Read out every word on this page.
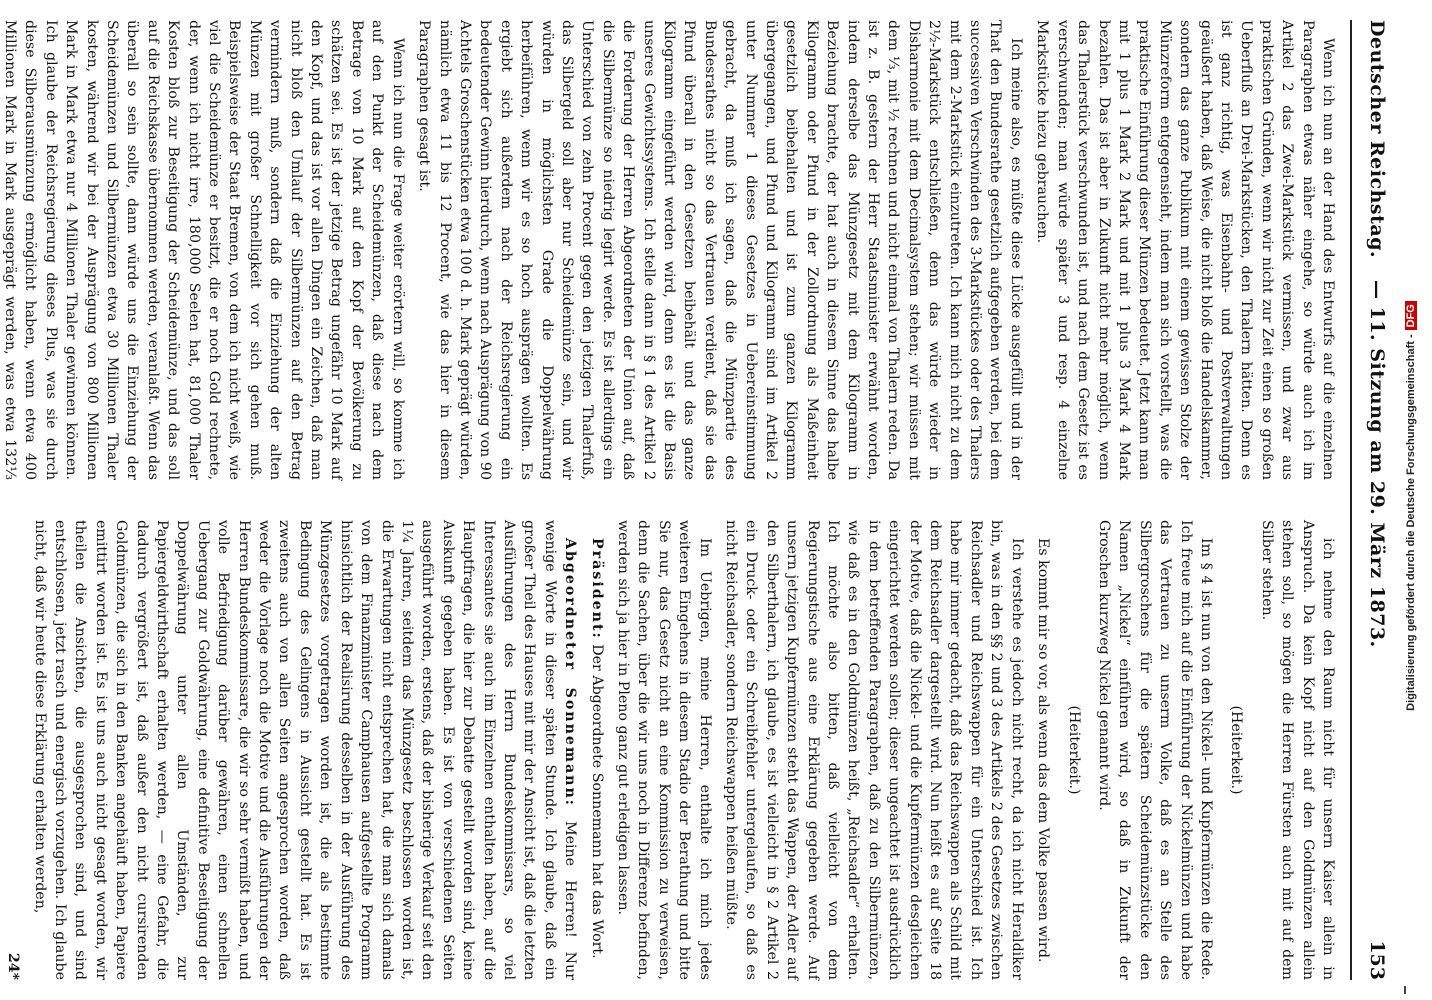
Deutscher Reichstag.
— 11. Sitzung am 29. März 1873.
153

Wenn ich nun an der Hand des Entwurfs auf die einzelnen Paragraphen etwas näher eingehe, so würde auch ich im Artikel 2 das Zwei-Markstück vermissen, und zwar aus praktischen Gründen, wenn wir nicht zur Zeit einen so großen Ueberfluß an Drei-Markstücken, den Thalern hätten. Denn es ist ganz richtig, was Eisenbahn- und Postverwaltungen geäußert haben, daß Weise, die nicht bloß die Handelskammer, sondern das ganze Publikum mit einem gewissen Stolze der Münzreform entgegensieht, indem man sich vorstellt, was die praktische Einführung dieser Münzen bedeutet. Jetzt kann man mit 1 plus 1 Mark 2 Mark und mit 1 plus 3 Mark 4 Mark bezahlen. Das ist aber in Zukunft nicht mehr möglich, wenn das Thalerstück verschwunden ist, und nach dem Gesetz ist es verschwunden; man würde später 3 und resp. 4 einzelne Markstücke hiezu gebrauchen.

Ich meine also, es müßte diese Lücke ausgefüllt und in der That den Bundesrathe gesetzlich aufgegeben werden, bei dem successiven Verschwinden des 3-Markstückes oder des Thalers mit dem 2-Markstück einzutreten. Ich kann mich nicht zu dem 2½-Markstück entschließen, denn das würde wieder in Disharmonie mit dem Decimalsystem stehen; wir müssen mit dem ⅓, mit ½ rechnen und nicht einmal von Thalern reden. Da ist z. B. gestern der Herr Staatsminister erwähnt worden, indem derselbe das Münzgesetz mit dem Kilogramm in Beziehung brachte, der hat auch in diesem Sinne das halbe Kilogramm oder Pfund in der Zollordnung als Maßeinheit gesetzlich beibehalten und ist zum ganzen Kilogramm übergegangen, und Pfund und Kilogramm sind im Artikel 2 unter Nummer 1 dieses Gesetzes in Uebereinstimmung gebracht, da muß ich sagen, daß die Münzpartie des Bundesrathes nicht so das Vertrauen verdient, daß sie das Pfund überall in den Gesetzen beibehält und das ganze Kilogramm eingeführt werden wird, denn es ist die Basis unseres Gewichtssystems. Ich stelle dann in § 1 des Artikel 2 die Forderung der Herren Abgeordneten der Union auf, daß die Silbermünze so niedrig legirt werde. Es ist allerdings ein Unterschied von zehn Procent gegen den jetzigen Thalerfuß, das Silbergeld soll aber nur Scheidemünze sein, und wir würden in möglichsten Grade die Doppelwährung herbeiführen, wenn wir es so hoch ausprägen wollten. Es ergiebt sich außerdem nach der Reichsregierung ein bedeutender Gewinn hierdurch, wenn nach Ausprägung von 90 Achtels Groschenstücken etwa 100 d. h. Mark geprägt würden, nämlich etwa 11 bis 12 Procent, wie das hier in diesem Paragraphen gesagt ist.

Wenn ich nun die Frage weiter erörtern will, so komme ich auf den Punkt der Scheidemünzen, daß diese nach dem Betrage von 10 Mark auf den Kopf der Bevölkerung zu schätzen sei. Es ist der jetzige Betrag ungefähr 10 Mark auf den Kopf, und das ist vor allen Dingen ein Zeichen, daß man nicht bloß den Umlauf der Silbermünzen auf den Betrag vermindern muß, sondern daß die Einziehung der alten Münzen mit großer Schnelligkeit vor sich gehen muß. Beispielsweise der Staat Bremen, von dem ich nicht weiß, wie viel die Scheidemünze er besitzt, die er noch Gold rechnete, der, wenn ich nicht irre, 180,000 Seelen hat, 81,000 Thaler Kosten bloß zur Beseitigung der Scheidemünze, und das soll auf die Reichskasse übernommen werden, veranlaßt. Wenn das überall so sein sollte, dann würde uns die Einziehung der Scheidemünzen und Silbermünzen etwa 30 Millionen Thaler kosten, während wir bei der Ausprägung von 800 Millionen Mark in Mark etwa nur 4 Millionen Thaler gewinnen können. Ich glaube der Reichsregierung dieses Plus, was sie durch diese Silberausmünzung ermöglicht haben, wenn etwa 400 Millionen Mark in Mark ausgeprägt werden, was etwa 132⅓

ich nehme den Raum nicht für unsern Kaiser allein in Anspruch. Da kein Kopf nicht auf den Goldmünzen allein stehen soll, so mögen die Herren Fürsten auch mit auf dem Silber stehen.

(Heiterkeit.)

Im § 4 ist nun von den Nickel- und Kupfermünzen die Rede. Ich freue mich auf die Einführung der Nickelmünzen und habe das Vertrauen zu unserm Volke, daß es an Stelle des Silbergroschens für die spätern Scheidemünzstücke den Namen „Nickel“ einführen wird, so daß in Zukunft der Groschen kurzweg Nickel genannt wird.

(Heiterkeit.)

Es kommt mir so vor, als wenn das dem Volke passen wird.

Ich verstehe es jedoch nicht recht, da ich nicht Heraldiker bin, was in den §§ 2 und 3 des Artikels 2 des Gesetzes zwischen Reichsadler und Reichswappen für ein Unterschied ist. Ich habe mir immer gedacht, daß das Reichswappen als Schild mit dem Reichsadler dargestellt wird. Nun heißt es auf Seite 18 der Motive, daß die Nickel- und die Kupfermünzen desgleichen eingerichtet werden sollen; dieser ungeachtet ist ausdrücklich in dem betreffenden Paragraphen, daß zu den Silbermünzen, wie daß es in den Goldmünzen heißt, „Reichsadler“ erhalten. Ich möchte also bitten, daß vielleicht von dem Regierungstische aus eine Erklärung gegeben werde. Auf unsern jetzigen Kupfermünzen steht das Wappen, der Adler auf den Silberthalern, ich glaube, es ist vielleicht in § 2 Artikel 2 ein Druck- oder ein Schreibfehler untergelaufen, so daß es nicht Reichsadler, sondern Reichswappen heißen müßte.

Im Uebrigen, meine Herren, enthalte ich mich jedes weiteren Eingehens in diesem Stadio der Berathung und bitte Sie nur, das Gesetz nicht an eine Kommission zu verweisen, denn die Sachen, über die wir uns noch in Differenz befinden, werden sich ja hier in Pleno ganz gut erledigen lassen.

Präsident: Der Abgeordnete Sonnemann hat das Wort.

Abgeordneter Sonnemann: Meine Herren! Nur wenige Worte in dieser späten Stunde. Ich glaube, daß ein großer Theil des Hauses mit mir der Ansicht ist, daß die letzten Ausführungen des Herrn Bundeskommissars, so viel Interessantes sie auch im Einzelnen enthalten haben, auf die Hauptfragen, die hier zur Debatte gestellt worden sind, keine Auskunft gegeben haben. Es ist von verschiedenen Seiten ausgeführt worden, erstens, daß der bisherige Verkauf seit den 1¼ Jahren, seitdem das Münzgesetz beschlossen worden ist, die Erwartungen nicht entsprechen hat, die man sich damals von dem Finanzminister Camphausen aufgestellte Programm hinsichtlich der Realisirung desselben in der Ausführung des Münzgesetzes vorgetragen worden ist, die als bestimmte Bedingung des Gelingens in Aussicht gestellt hat. Es ist zweitens auch von allen Seiten angesprochen worden, daß weder die Vorlage noch die Motive und die Ausführungen der Herren Bundeskommissare, die wir so sehr vermißt haben, und volle Befriedigung darüber gewähren, einen schnellen Uebergang zur Goldwährung, eine definitive Beseitigung der Doppelwährung unter allen Umständen, zur Papiergeldwirthschaft erhalten werden, — eine Gefahr, die dadurch vergrößert ist, daß außer den nicht cursirenden Goldmünzen, die sich in den Banken angehäuft haben, Papiere emittirt worden ist. Es ist uns auch nicht gesagt worden, wir theilen die Ansichten, die ausgesprochen sind, und sind entschlossen, jetzt rasch und energisch vorzugehen. Ich glaube nicht, daß wir heute diese Erklärung erhalten werden,

24*

Digitalisierung gefördert durch die Deutsche Forschungsgemeinschaft -DFG
